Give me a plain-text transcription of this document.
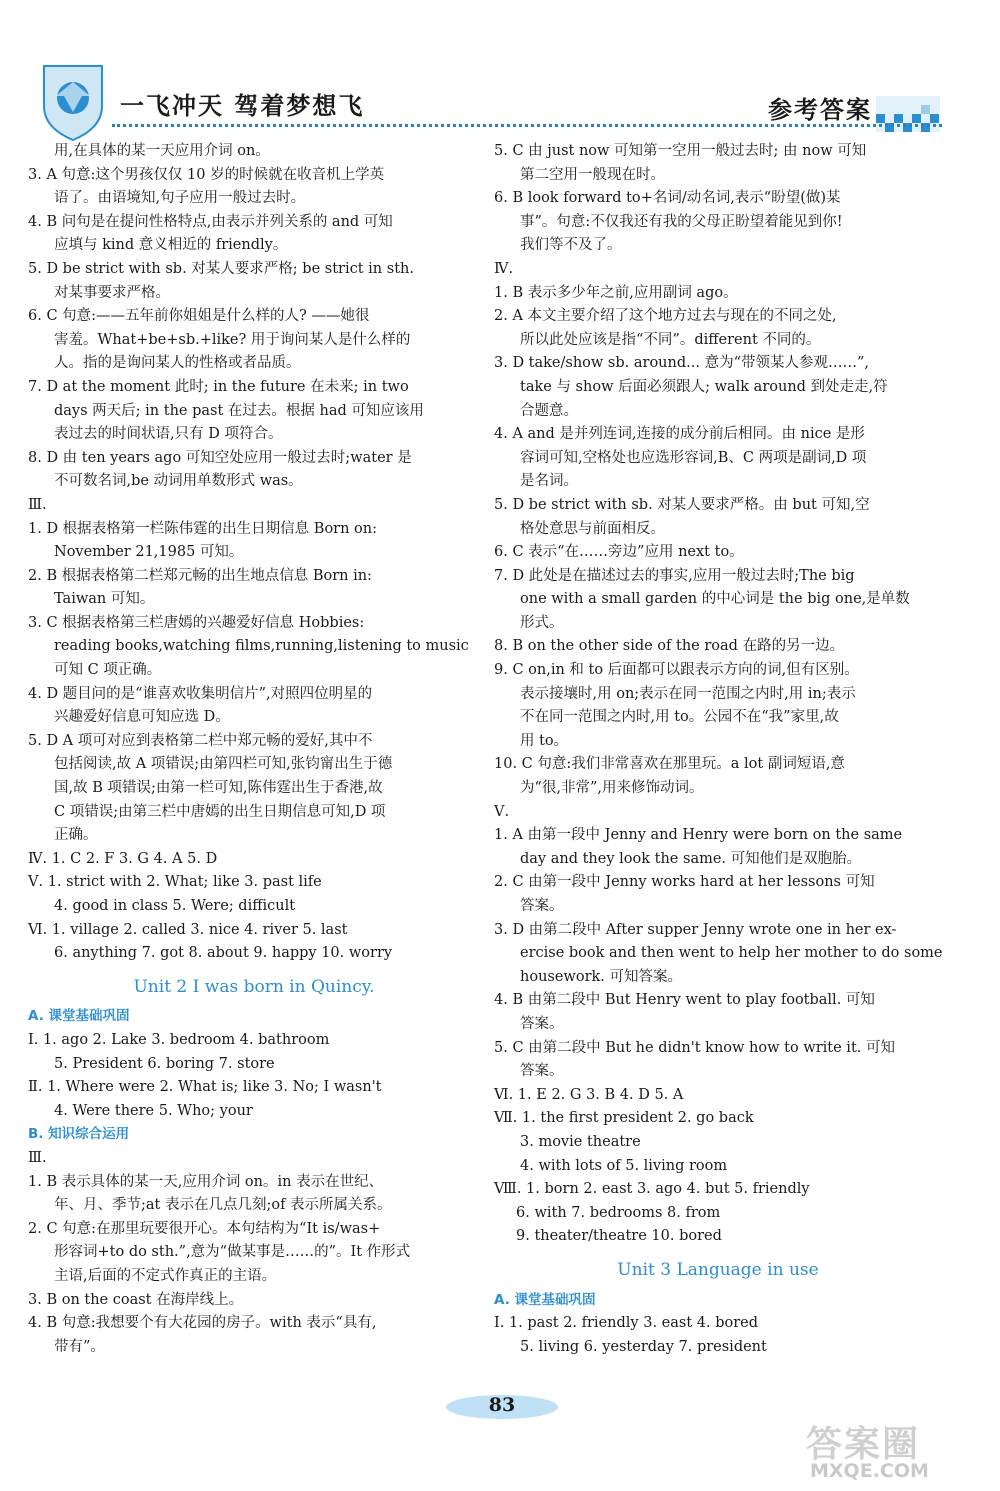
一飞冲天 驾着梦想飞	参考答案

用,在具体的某一天应用介词 on。

3. A 句意:这个男孩仅仅 10 岁的时候就在收音机上学英

语了。由语境知,句子应用一般过去时。

4. B 问句是在提问性格特点,由表示并列关系的 and 可知

应填与 kind 意义相近的 friendly。

5. D be strict with sb. 对某人要求严格; be strict in sth.

对某事要求严格。

6. C 句意:——五年前你姐姐是什么样的人? ——她很

害羞。What+be+sb.+like? 用于询问某人是什么样的

人。指的是询问某人的性格或者品质。

7. D at the moment 此时; in the future 在未来; in two

days 两天后; in the past 在过去。根据 had 可知应该用

表过去的时间状语,只有 D 项符合。

8. D 由 ten years ago 可知空处应用一般过去时;water 是

不可数名词,be 动词用单数形式 was。

Ⅲ.

1. D 根据表格第一栏陈伟霆的出生日期信息 Born on:

November 21,1985 可知。

2. B 根据表格第二栏郑元畅的出生地点信息 Born in:

Taiwan 可知。

3. C 根据表格第三栏唐嫣的兴趣爱好信息 Hobbies:

reading books,watching films,running,listening to music

可知 C 项正确。

4. D 题目问的是“谁喜欢收集明信片”,对照四位明星的

兴趣爱好信息可知应选 D。

5. D A 项可对应到表格第二栏中郑元畅的爱好,其中不

包括阅读,故 A 项错误;由第四栏可知,张钧甯出生于德

国,故 B 项错误;由第一栏可知,陈伟霆出生于香港,故

C 项错误;由第三栏中唐嫣的出生日期信息可知,D 项

正确。

Ⅳ. 1. C 2. F 3. G 4. A 5. D

Ⅴ. 1. strict with 2. What; like 3. past life

4. good in class 5. Were; difficult

Ⅵ. 1. village 2. called 3. nice 4. river 5. last

6. anything 7. got 8. about 9. happy 10. worry

Unit 2 I was born in Quincy.

A. 课堂基础巩固

Ⅰ. 1. ago 2. Lake 3. bedroom 4. bathroom

5. President 6. boring 7. store

Ⅱ. 1. Where were 2. What is; like 3. No; I wasn't

4. Were there 5. Who; your

B. 知识综合运用

Ⅲ.

1. B 表示具体的某一天,应用介词 on。in 表示在世纪、

年、月、季节;at 表示在几点几刻;of 表示所属关系。

2. C 句意:在那里玩要很开心。本句结构为“It is/was+

形容词+to do sth.”,意为“做某事是……的”。It 作形式

主语,后面的不定式作真正的主语。

3. B on the coast 在海岸线上。

4. B 句意:我想要个有大花园的房子。with 表示“具有,

带有”。

5. C 由 just now 可知第一空用一般过去时; 由 now 可知

第二空用一般现在时。

6. B look forward to+名词/动名词,表示“盼望(做)某

事”。句意:不仅我还有我的父母正盼望着能见到你!

我们等不及了。

Ⅳ.

1. B 表示多少年之前,应用副词 ago。

2. A 本文主要介绍了这个地方过去与现在的不同之处,

所以此处应该是指“不同”。different 不同的。

3. D take/show sb. around... 意为“带领某人参观……”,

take 与 show 后面必须跟人; walk around 到处走走,符

合题意。

4. A and 是并列连词,连接的成分前后相同。由 nice 是形

容词可知,空格处也应选形容词,B、C 两项是副词,D 项

是名词。

5. D be strict with sb. 对某人要求严格。由 but 可知,空

格处意思与前面相反。

6. C 表示“在……旁边”应用 next to。

7. D 此处是在描述过去的事实,应用一般过去时;The big

one with a small garden 的中心词是 the big one,是单数

形式。

8. B on the other side of the road 在路的另一边。

9. C on,in 和 to 后面都可以跟表示方向的词,但有区别。

表示接壤时,用 on;表示在同一范围之内时,用 in;表示

不在同一范围之内时,用 to。公园不在“我”家里,故

用 to。

10. C 句意:我们非常喜欢在那里玩。a lot 副词短语,意

为“很,非常”,用来修饰动词。

Ⅴ.

1. A 由第一段中 Jenny and Henry were born on the same

day and they look the same. 可知他们是双胞胎。

2. C 由第一段中 Jenny works hard at her lessons 可知

答案。

3. D 由第二段中 After supper Jenny wrote one in her ex-

ercise book and then went to help her mother to do some

housework. 可知答案。

4. B 由第二段中 But Henry went to play football. 可知

答案。

5. C 由第二段中 But he didn't know how to write it. 可知

答案。

Ⅵ. 1. E 2. G 3. B 4. D 5. A

Ⅶ. 1. the first president 2. go back

3. movie theatre

4. with lots of 5. living room

Ⅷ. 1. born 2. east 3. ago 4. but 5. friendly

6. with 7. bedrooms 8. from

9. theater/theatre 10. bored

Unit 3 Language in use

A. 课堂基础巩固

Ⅰ. 1. past 2. friendly 3. east 4. bored

5. living 6. yesterday 7. president

83
答案圈
MXQE.COM
